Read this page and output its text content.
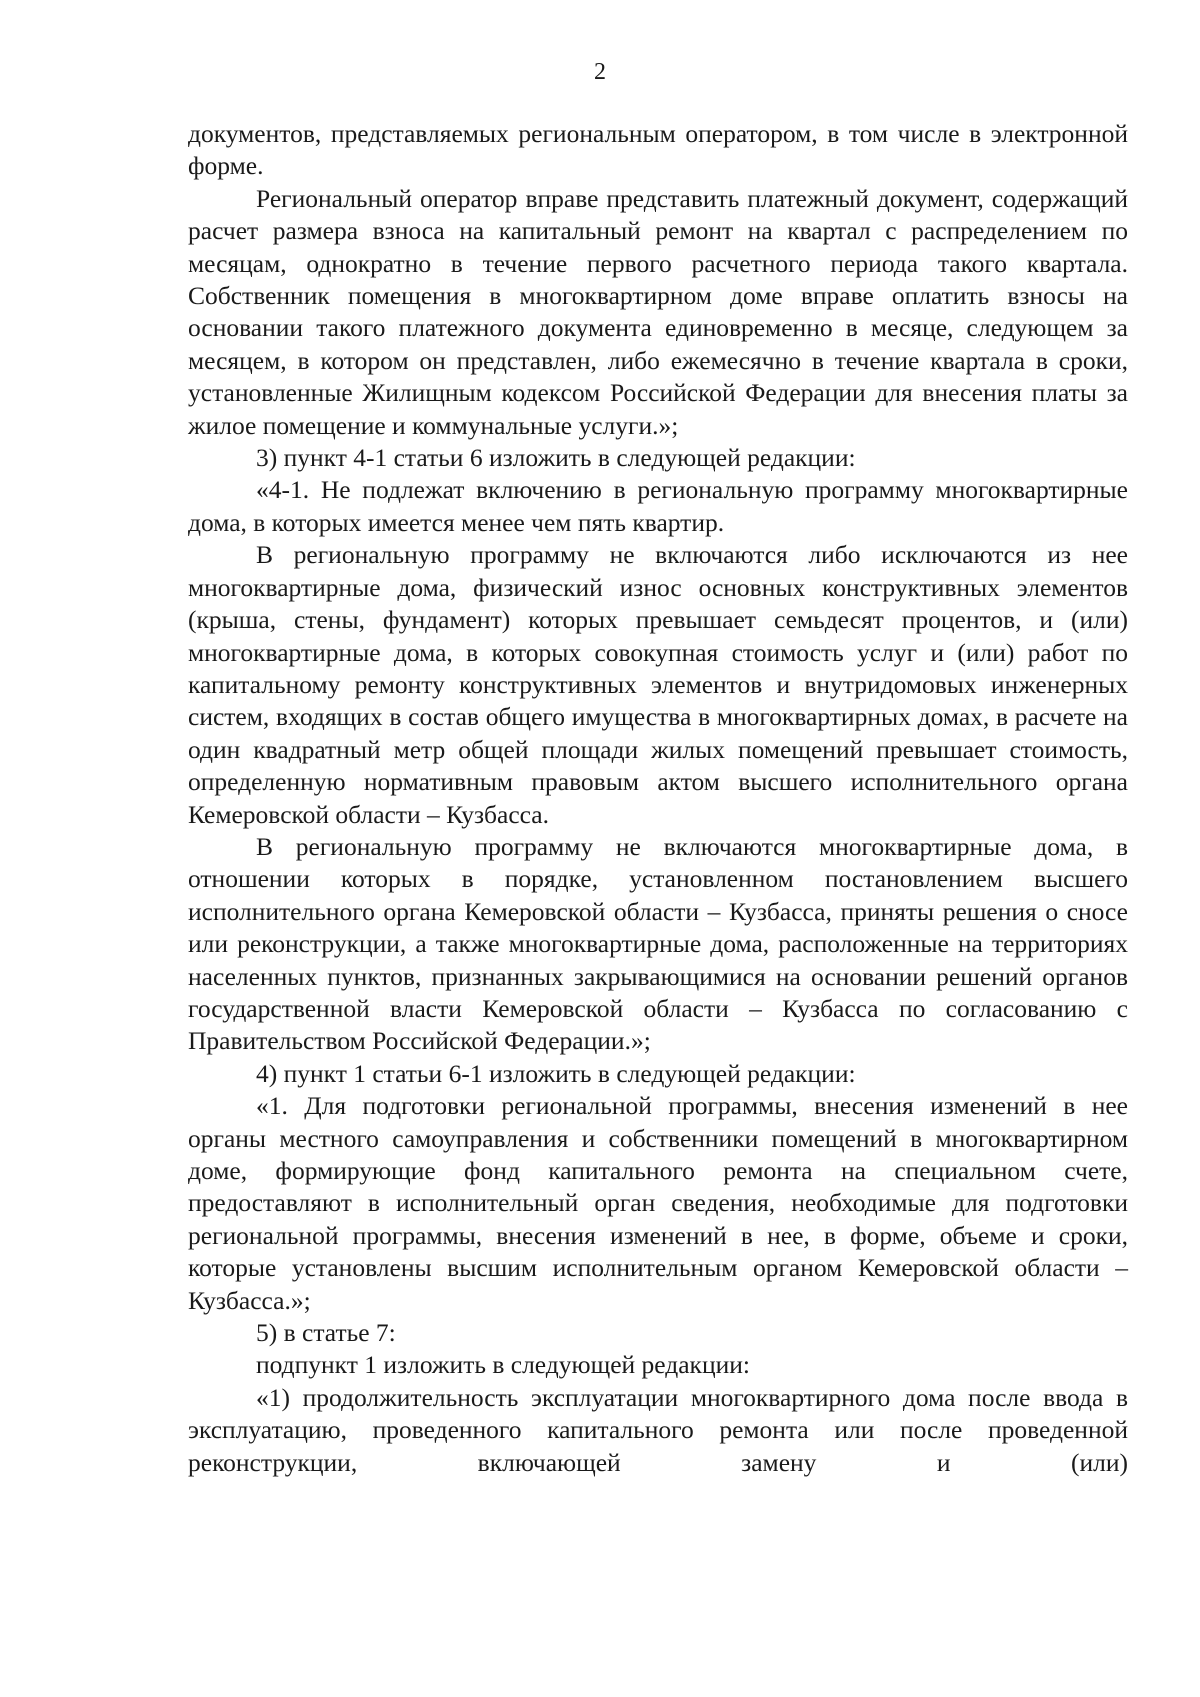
2

документов, представляемых региональным оператором, в том числе в электронной форме.

Региональный оператор вправе представить платежный документ, содержащий расчет размера взноса на капитальный ремонт на квартал с распределением по месяцам, однократно в течение первого расчетного периода такого квартала. Собственник помещения в многоквартирном доме вправе оплатить взносы на основании такого платежного документа единовременно в месяце, следующем за месяцем, в котором он представлен, либо ежемесячно в течение квартала в сроки, установленные Жилищным кодексом Российской Федерации для внесения платы за жилое помещение и коммунальные услуги.»;

3) пункт 4-1 статьи 6 изложить в следующей редакции:

«4-1. Не подлежат включению в региональную программу многоквартирные дома, в которых имеется менее чем пять квартир.

В региональную программу не включаются либо исключаются из нее многоквартирные дома, физический износ основных конструктивных элементов (крыша, стены, фундамент) которых превышает семьдесят процентов, и (или) многоквартирные дома, в которых совокупная стоимость услуг и (или) работ по капитальному ремонту конструктивных элементов и внутридомовых инженерных систем, входящих в состав общего имущества в многоквартирных домах, в расчете на один квадратный метр общей площади жилых помещений превышает стоимость, определенную нормативным правовым актом высшего исполнительного органа Кемеровской области – Кузбасса.

В региональную программу не включаются многоквартирные дома, в отношении которых в порядке, установленном постановлением высшего исполнительного органа Кемеровской области – Кузбасса, приняты решения о сносе или реконструкции, а также многоквартирные дома, расположенные на территориях населенных пунктов, признанных закрывающимися на основании решений органов государственной власти Кемеровской области – Кузбасса по согласованию с Правительством Российской Федерации.»;

4) пункт 1 статьи 6-1 изложить в следующей редакции:

«1. Для подготовки региональной программы, внесения изменений в нее органы местного самоуправления и собственники помещений в многоквартирном доме, формирующие фонд капитального ремонта на специальном счете, предоставляют в исполнительный орган сведения, необходимые для подготовки региональной программы, внесения изменений в нее, в форме, объеме и сроки, которые установлены высшим исполнительным органом Кемеровской области – Кузбасса.»;

5) в статье 7:

подпункт 1 изложить в следующей редакции:

«1) продолжительность эксплуатации многоквартирного дома после ввода в эксплуатацию, проведенного капитального ремонта или после проведенной реконструкции, включающей замену и (или)
